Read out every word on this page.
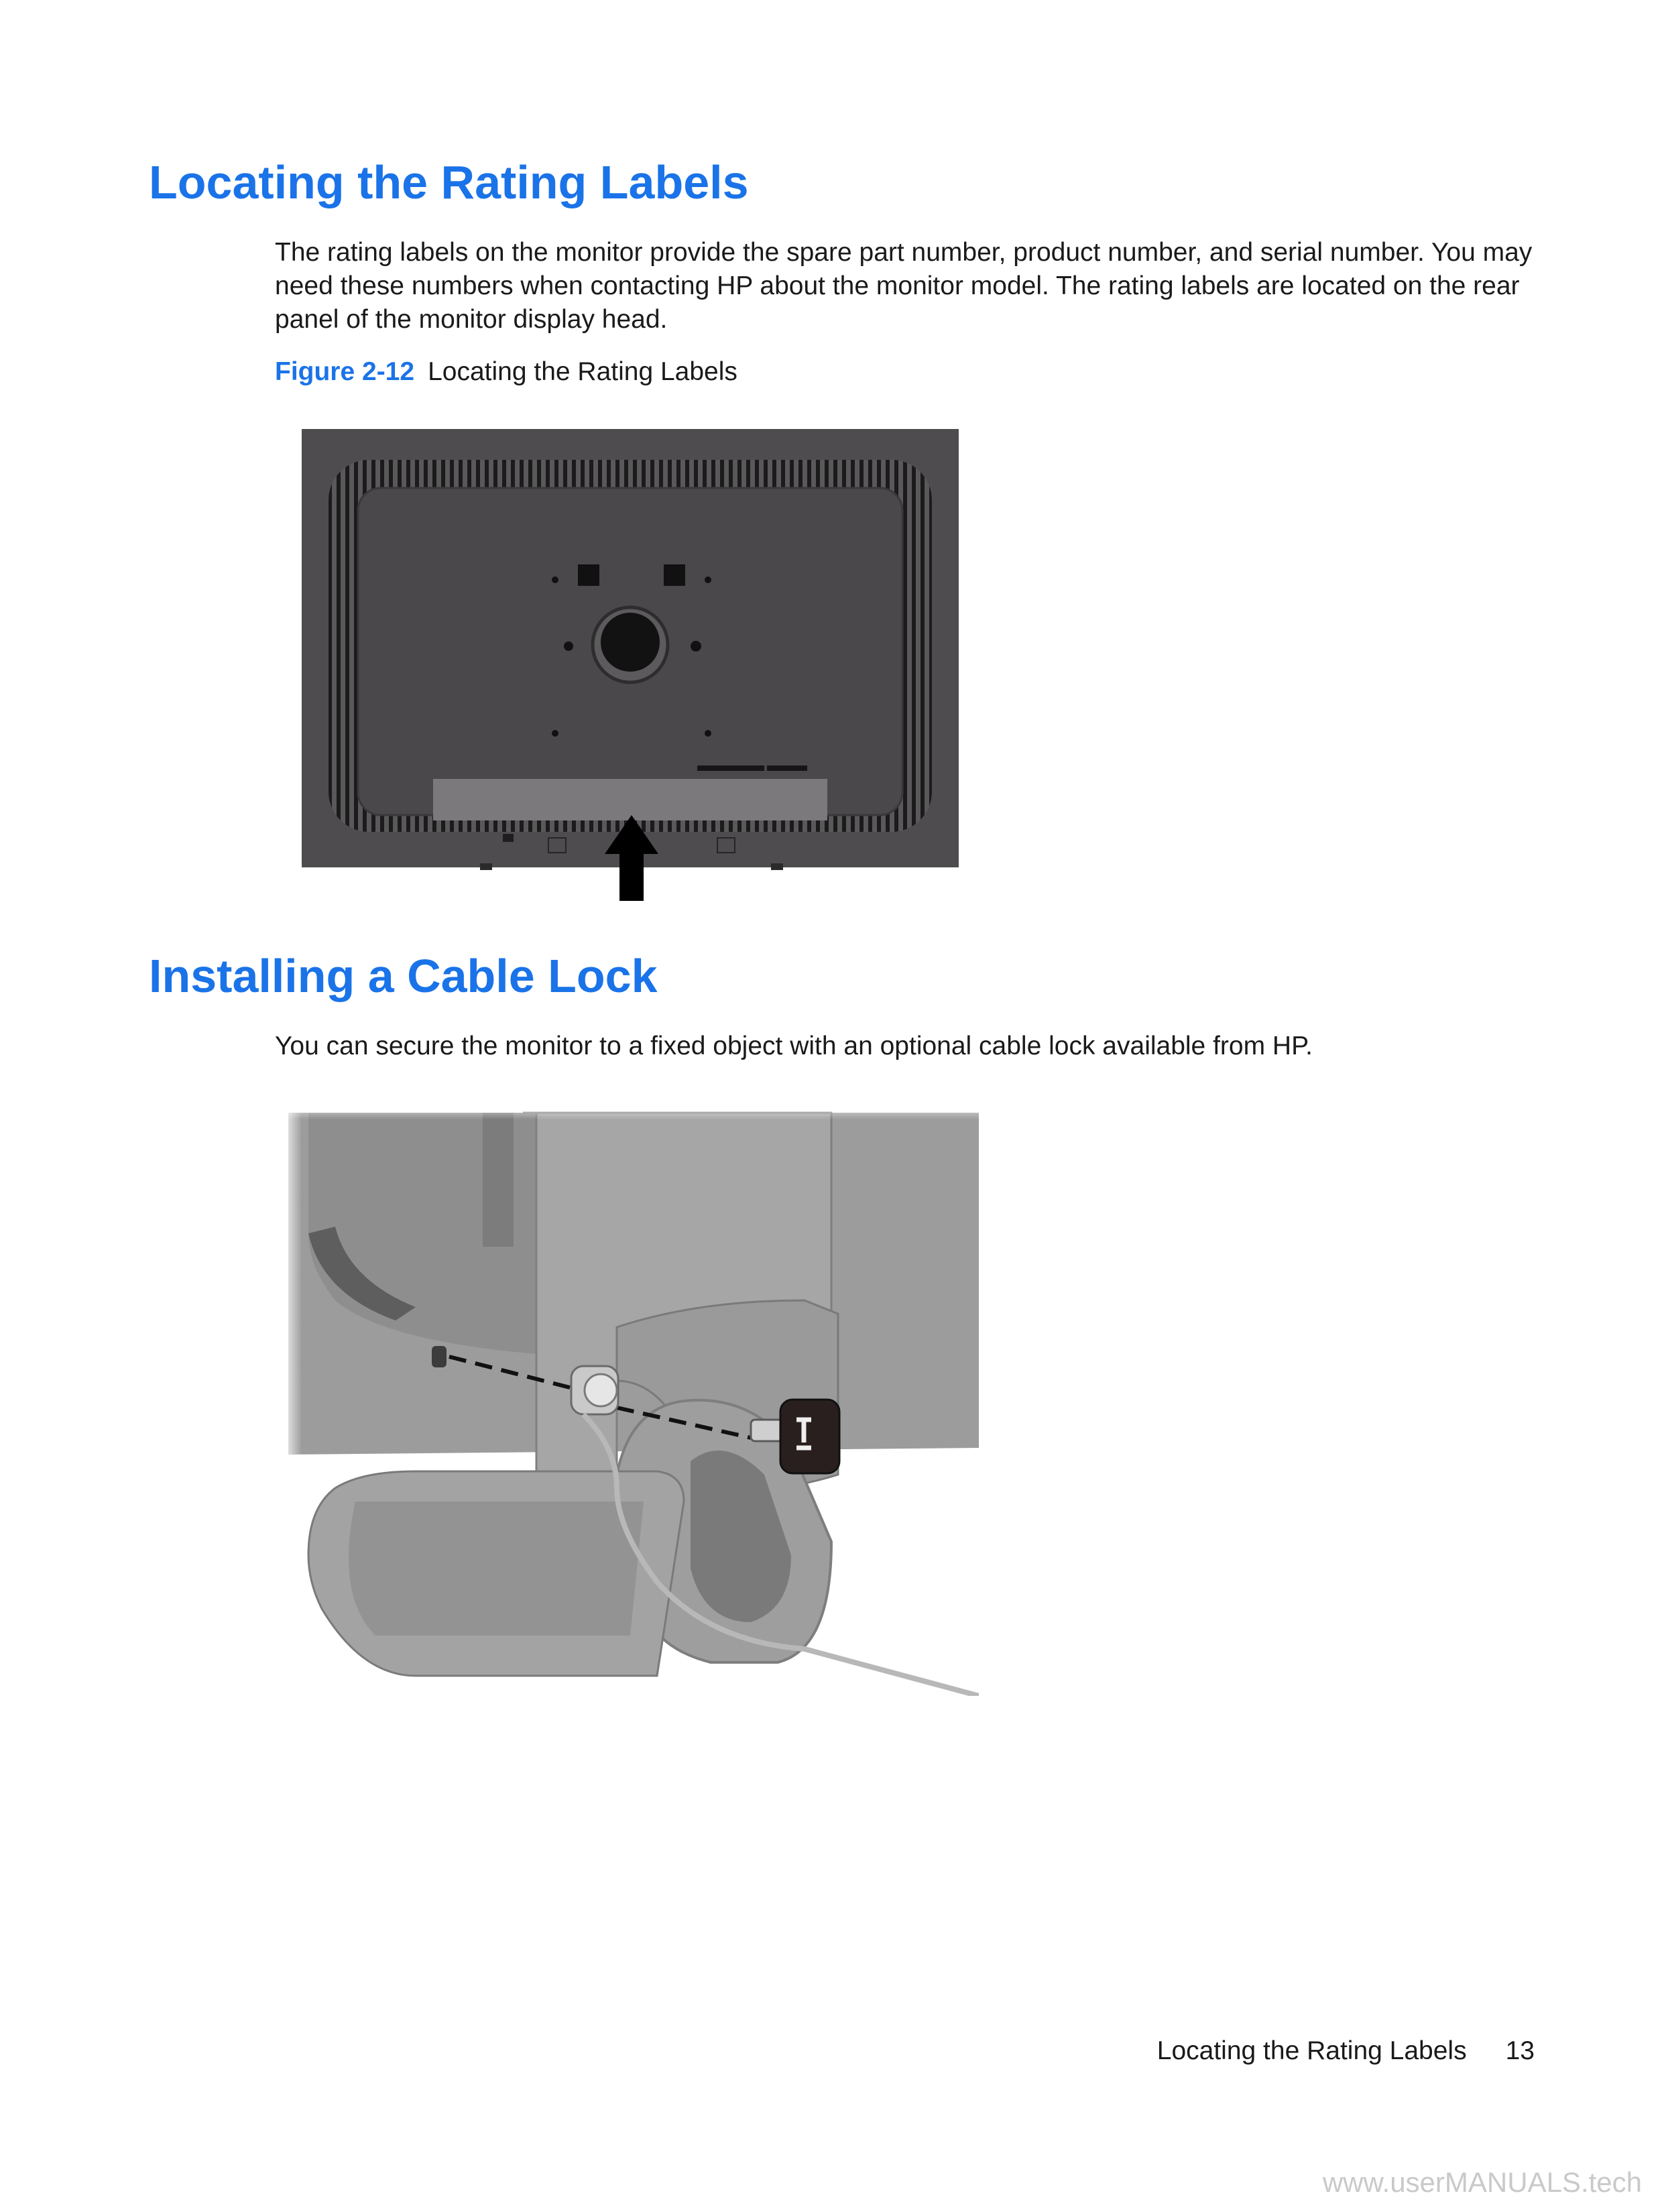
Locating the Rating Labels

The rating labels on the monitor provide the spare part number, product number, and serial number. You may need these numbers when contacting HP about the monitor model. The rating labels are located on the rear panel of the monitor display head.

Figure 2-12 Locating the Rating Labels

Installing a Cable Lock

You can secure the monitor to a fixed object with an optional cable lock available from HP.

Locating the Rating Labels 13
www.userMANUALS.tech
